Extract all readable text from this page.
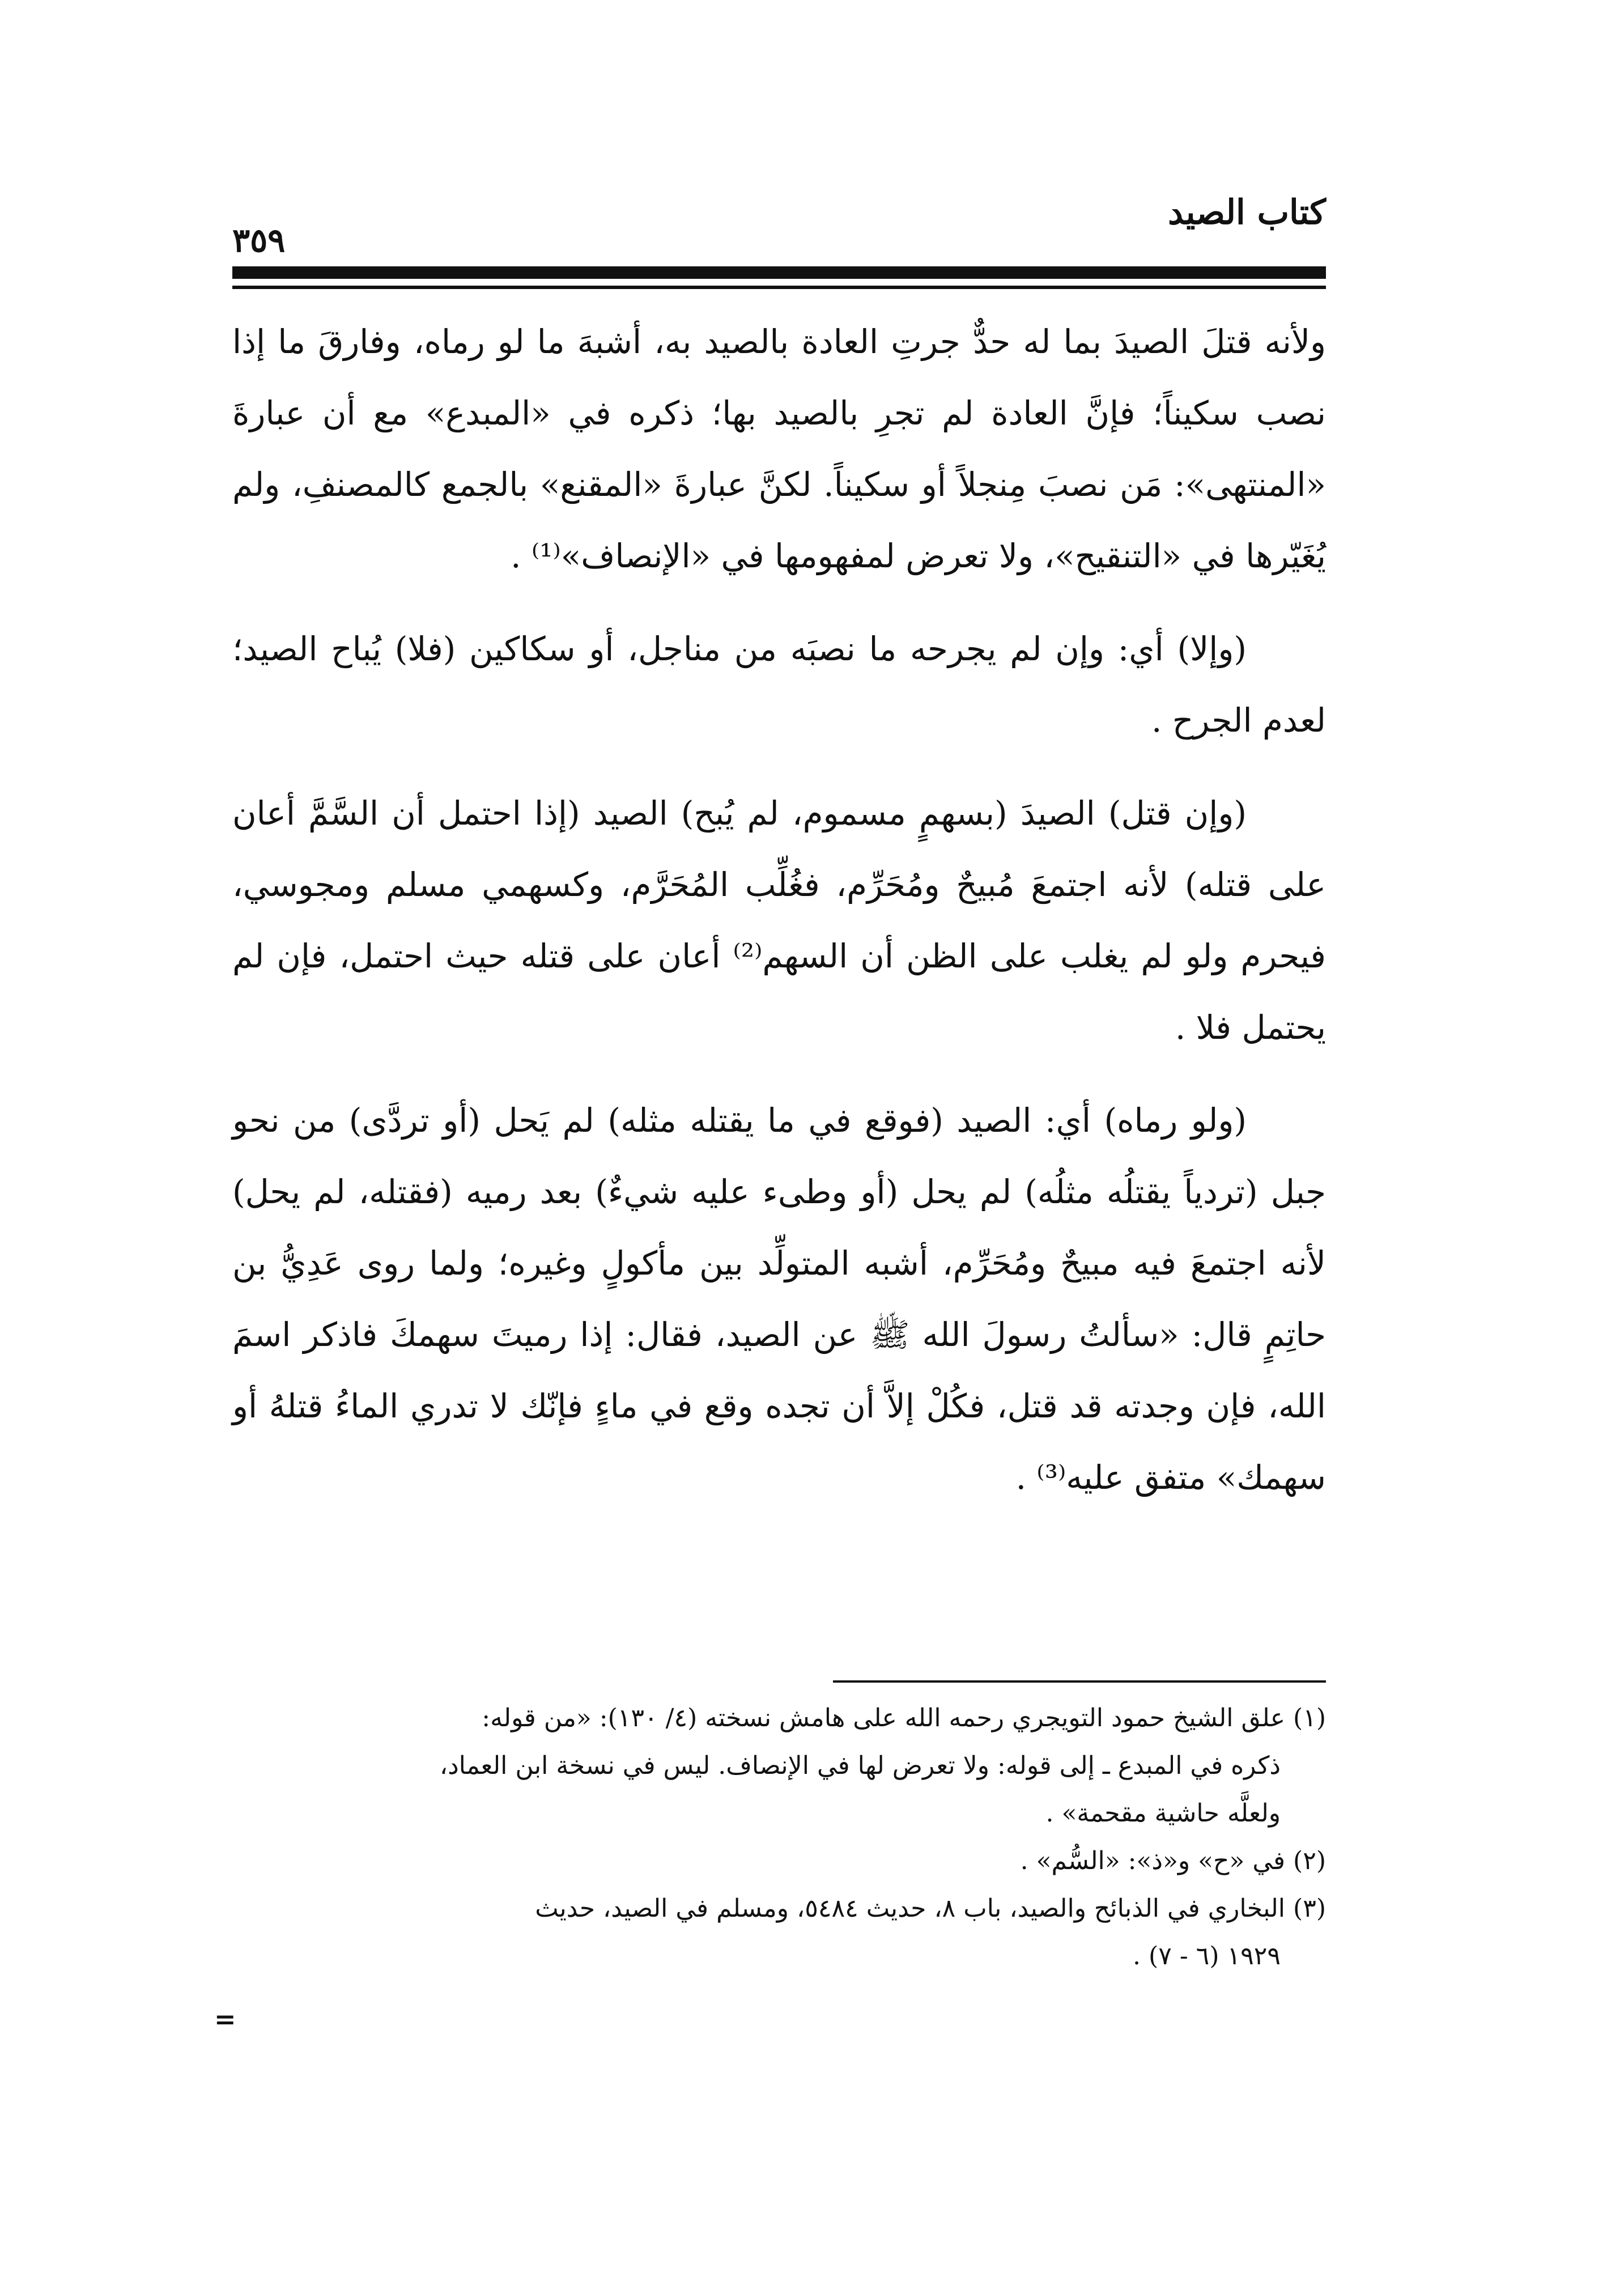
كتاب الصيد
٣٥٩

ولأنه قتلَ الصيدَ بما له حدٌّ جرتِ العادة بالصيد به، أشبهَ ما لو رماه، وفارقَ ما إذا نصب سكيناً؛ فإنَّ العادة لم تجرِ بالصيد بها؛ ذكره في «المبدع» مع أن عبارةَ «المنتهى»: مَن نصبَ مِنجلاً أو سكيناً. لكنَّ عبارةَ «المقنع» بالجمع كالمصنفِ، ولم يُغَيّرها في «التنقيح»، ولا تعرض لمفهومها في «الإنصاف»⁽¹⁾ .

(وإلا) أي: وإن لم يجرحه ما نصبَه من مناجل، أو سكاكين (فلا) يُباح الصيد؛ لعدم الجرح .

(وإن قتل) الصيدَ (بسهمٍ مسموم، لم يُبح) الصيد (إذا احتمل أن السَّمَّ أعان على قتله) لأنه اجتمعَ مُبيحٌ ومُحَرِّم، فغُلِّب المُحَرَّم، وكسهمي مسلم ومجوسي، فيحرم ولو لم يغلب على الظن أن السهم⁽²⁾ أعان على قتله حيث احتمل، فإن لم يحتمل فلا .

(ولو رماه) أي: الصيد (فوقع في ما يقتله مثله) لم يَحل (أو تردَّى) من نحو جبل (تردياً يقتلُه مثلُه) لم يحل (أو وطىء عليه شيءٌ) بعد رميه (فقتله، لم يحل) لأنه اجتمعَ فيه مبيحٌ ومُحَرِّم، أشبه المتولِّد بين مأكولٍ وغيره؛ ولما روى عَدِيُّ بن حاتِمٍ قال: «سألتُ رسولَ الله ﷺ عن الصيد، فقال: إذا رميتَ سهمكَ فاذكر اسمَ الله، فإن وجدته قد قتل، فكُلْ إلاَّ أن تجده وقع في ماءٍ فإنّك لا تدري الماءُ قتلهُ أو سهمك» متفق عليه⁽³⁾ .

(١) علق الشيخ حمود التويجري رحمه الله على هامش نسخته (٤/ ١٣٠): «من قوله:

ذكره في المبدع ـ إلى قوله: ولا تعرض لها في الإنصاف. ليس في نسخة ابن العماد،

ولعلَّه حاشية مقحمة» .

(٢) في «ح» و«ذ»: «السُّم» .

(٣) البخاري في الذبائح والصيد، باب ٨، حديث ٥٤٨٤، ومسلم في الصيد، حديث

١٩٢٩ (٦ - ٧) .

=
